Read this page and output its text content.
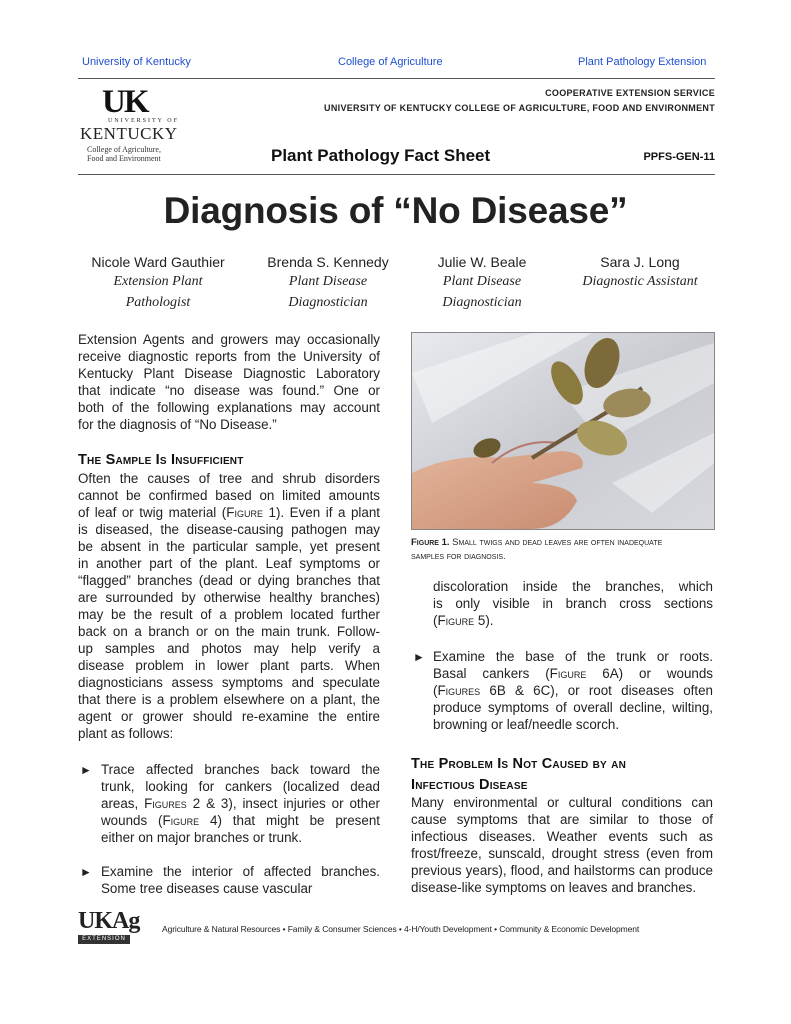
University of Kentucky	College of Agriculture	Plant Pathology Extension
UK
UNIVERSITY OF
KENTUCKY
College of Agriculture,
Food and Environment
COOPERATIVE EXTENSION SERVICE
UNIVERSITY OF KENTUCKY COLLEGE OF AGRICULTURE, FOOD AND ENVIRONMENT
Plant Pathology Fact Sheet	PPFS-GEN-11
Diagnosis of “No Disease”
Nicole Ward Gauthier
Extension Plant
Pathologist
Brenda S. Kennedy
Plant Disease
Diagnostician
Julie W. Beale
Plant Disease
Diagnostician
Sara J. Long
Diagnostic Assistant
Extension Agents and growers may occasionally
receive diagnostic reports from the University of
Kentucky Plant Disease Diagnostic Laboratory
that indicate “no disease was found.” One or
both of the following explanations may account
for the diagnosis of “No Disease.”
The Sample Is Insufficient
Often the causes of tree and shrub disorders
cannot be confirmed based on limited amounts
of leaf or twig material (Figure 1). Even if a plant
is diseased, the disease-causing pathogen may
be absent in the particular sample, yet present
in another part of the plant. Leaf symptoms or
“flagged” branches (dead or dying branches that
are surrounded by otherwise healthy branches)
may be the result of a problem located further
back on a branch or on the main trunk. Follow-
up samples and photos may help verify a
disease problem in lower plant parts. When
diagnosticians assess symptoms and speculate
that there is a problem elsewhere on a plant, the
agent or grower should re-examine the entire
plant as follows:
► Trace affected branches back toward the
trunk, looking for cankers (localized dead
areas, Figures 2 & 3), insect injuries or other
wounds (Figure 4) that might be present
either on major branches or trunk.
► Examine the interior of affected branches.
Some tree diseases cause vascular
Figure 1. Small twigs and dead leaves are often inadequate
samples for diagnosis.
discoloration inside the branches, which
is only visible in branch cross sections
(Figure 5).
► Examine the base of the trunk or roots.
Basal cankers (Figure 6A) or wounds
(Figures 6B & 6C), or root diseases often
produce symptoms of overall decline, wilting,
browning or leaf/needle scorch.
The Problem Is Not Caused by an
Infectious Disease
Many environmental or cultural conditions can
cause symptoms that are similar to those of
infectious diseases. Weather events such as
frost/freeze, sunscald, drought stress (even from
previous years), flood, and hailstorms can produce
disease-like symptoms on leaves and branches.
UKAg
EXTENSION
Agriculture & Natural Resources • Family & Consumer Sciences • 4-H/Youth Development • Community & Economic Development
